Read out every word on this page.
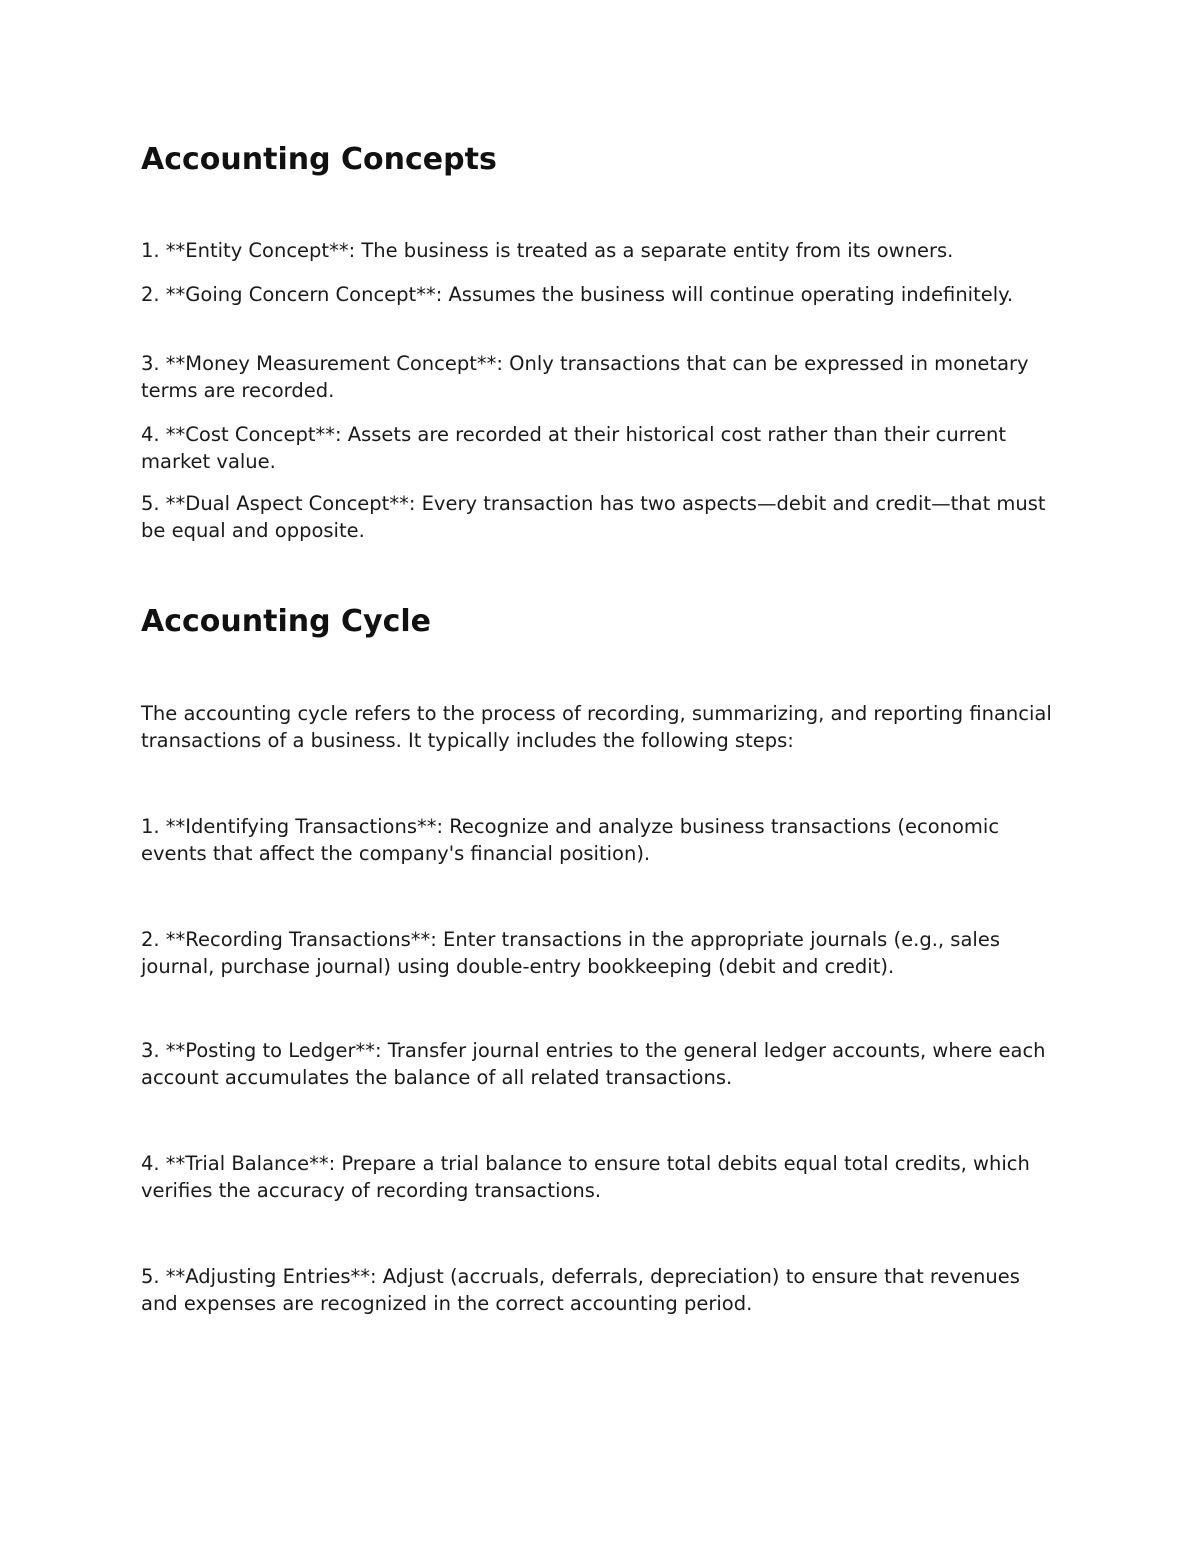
Accounting Concepts

1. **Entity Concept**: The business is treated as a separate entity from its owners.

2. **Going Concern Concept**: Assumes the business will continue operating indefinitely.

3. **Money Measurement Concept**: Only transactions that can be expressed in monetary terms are recorded.

4. **Cost Concept**: Assets are recorded at their historical cost rather than their current market value.

5. **Dual Aspect Concept**: Every transaction has two aspects—debit and credit—that must be equal and opposite.

Accounting Cycle

The accounting cycle refers to the process of recording, summarizing, and reporting financial transactions of a business. It typically includes the following steps:

1. **Identifying Transactions**: Recognize and analyze business transactions (economic events that affect the company's financial position).

2. **Recording Transactions**: Enter transactions in the appropriate journals (e.g., sales journal, purchase journal) using double-entry bookkeeping (debit and credit).

3. **Posting to Ledger**: Transfer journal entries to the general ledger accounts, where each account accumulates the balance of all related transactions.

4. **Trial Balance**: Prepare a trial balance to ensure total debits equal total credits, which verifies the accuracy of recording transactions.

5. **Adjusting Entries**: Adjust (accruals, deferrals, depreciation) to ensure that revenues and expenses are recognized in the correct accounting period.
